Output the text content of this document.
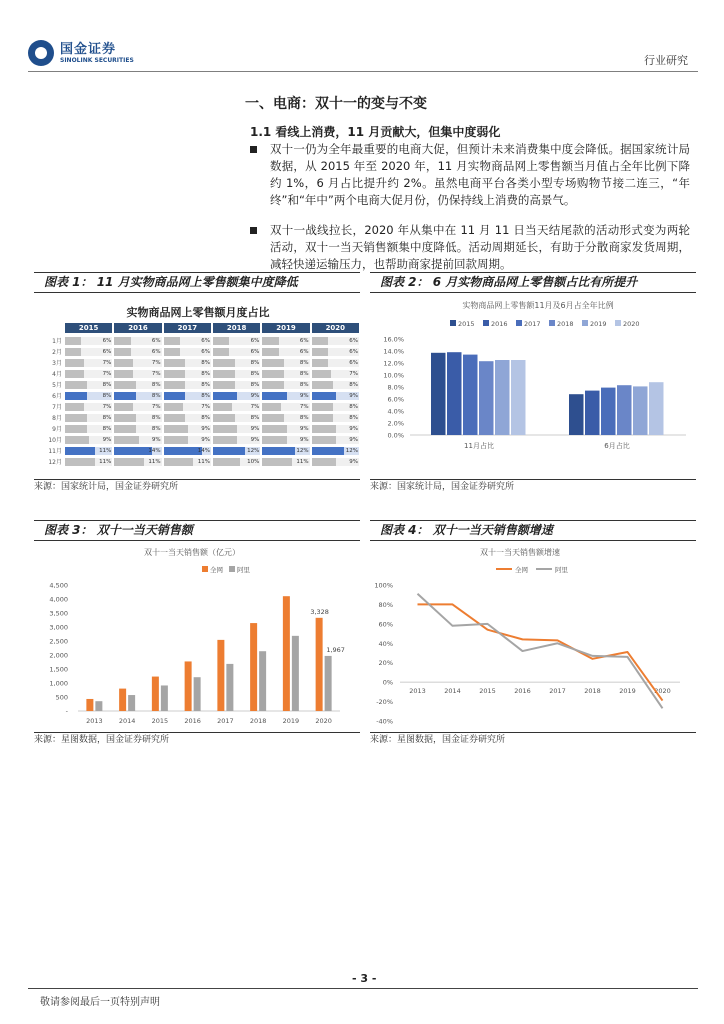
国金证券
SINOLINK SECURITIES	行业研究
一、电商：双十一的变与不变
1.1 看线上消费，11 月贡献大，但集中度弱化
双十一仍为全年最重要的电商大促，但预计未来消费集中度会降低。据国家统计局数据，从 2015 年至 2020 年，11 月实物商品网上零售额当月值占全年比例下降约 1%，6 月占比提升约 2%。虽然电商平台各类小型专场购物节接二连三，“年终”和“年中”两个电商大促月份，仍保持线上消费的高景气。
双十一战线拉长，2020 年从集中在 11 月 11 日当天结尾款的活动形式变为两轮活动，双十一当天销售额集中度降低。活动周期延长，有助于分散商家发货周期，减轻快递运输压力，也帮助商家提前回款周期。
图表 1： 11 月实物商品网上零售额集中度降低
实物商品网上零售额月度占比
2015	2016	2017	2018	2019	2020
1月	6%	6%	6%	6%	6%	6%
2月	6%	6%	6%	6%	6%	6%
3月	7%	7%	8%	8%	8%	6%
4月	7%	7%	8%	8%	8%	7%
5月	8%	8%	8%	8%	8%	8%
6月	8%	8%	8%	9%	9%	9%
7月	7%	7%	7%	7%	7%	8%
8月	8%	8%	8%	8%	8%	8%
9月	8%	8%	9%	9%	9%	9%
10月	9%	9%	9%	9%	9%	9%
11月	11%	14%	14%	12%	12%	12%
12月	11%	11%	11%	10%	11%	9%
来源：国家统计局，国金证券研究所
图表 2： 6 月实物商品网上零售额占比有所提升
实物商品网上零售额11月及6月占全年比例
2015	2016	2017	2018	2019	2020
0.0%
2.0%
4.0%
6.0%
8.0%
10.0%
12.0%
14.0%
16.0%
11月占比	6月占比
来源：国家统计局，国金证券研究所
图表 3： 双十一当天销售额
双十一当天销售额（亿元）
全网 阿里
-
500
1,000
1,500
2,000
2,500
3,000
3,500
4,000
4,500
2013 2014 2015 2016 2017 2018 2019 2020
3,328
1,967
来源：星图数据，国金证券研究所
图表 4： 双十一当天销售额增速
双十一当天销售额增速
全网	阿里
-40%
-20%
0%
20%
40%
60%
80%
100%
2013	2014	2015	2016	2017	2018	2019	2020
来源：星图数据，国金证券研究所
- 3 -
敬请参阅最后一页特别声明
